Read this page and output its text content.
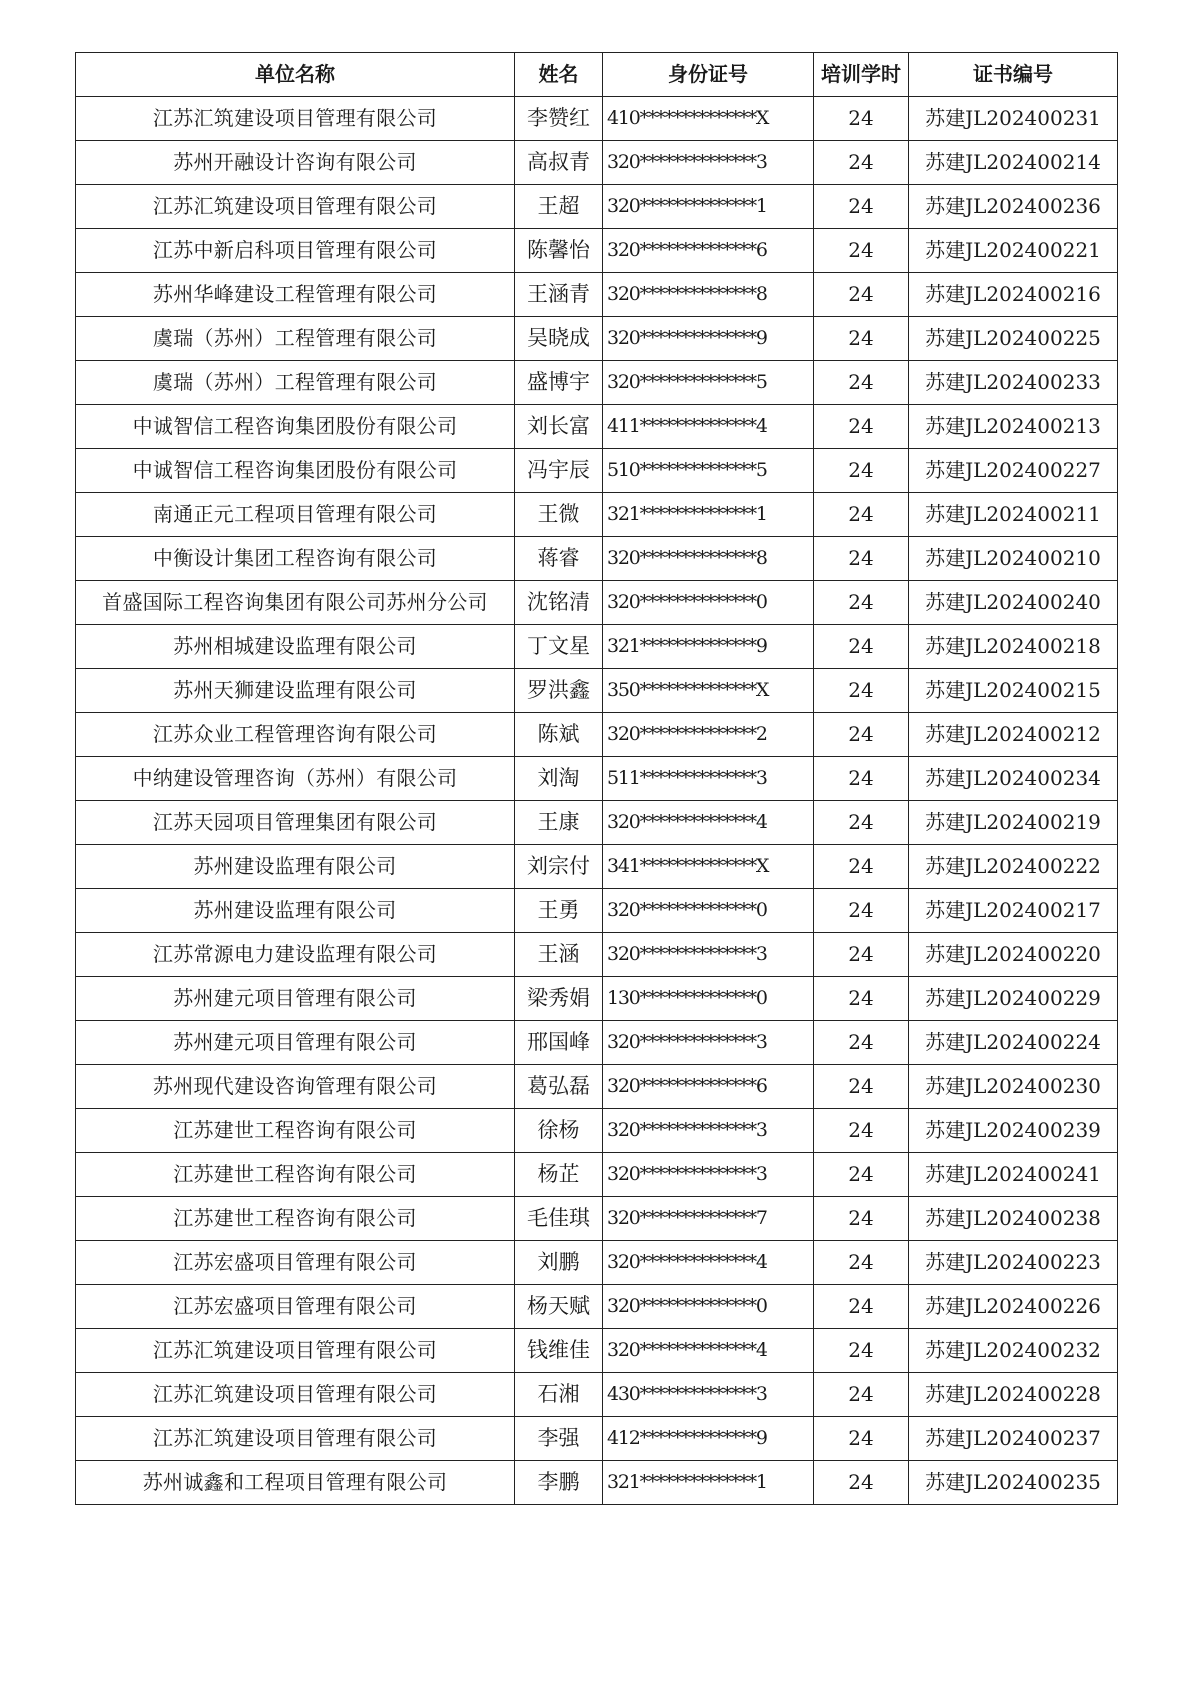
单位名称	姓名	身份证号	培训学时	证书编号
江苏汇筑建设项目管理有限公司	李赞红	410**************X	24	苏建JL202400231
苏州开融设计咨询有限公司	高叔青	320**************3	24	苏建JL202400214
江苏汇筑建设项目管理有限公司	王超	320**************1	24	苏建JL202400236
江苏中新启科项目管理有限公司	陈馨怡	320**************6	24	苏建JL202400221
苏州华峰建设工程管理有限公司	王涵青	320**************8	24	苏建JL202400216
虞瑞（苏州）工程管理有限公司	吴晓成	320**************9	24	苏建JL202400225
虞瑞（苏州）工程管理有限公司	盛博宇	320**************5	24	苏建JL202400233
中诚智信工程咨询集团股份有限公司	刘长富	411**************4	24	苏建JL202400213
中诚智信工程咨询集团股份有限公司	冯宇辰	510**************5	24	苏建JL202400227
南通正元工程项目管理有限公司	王微	321**************1	24	苏建JL202400211
中衡设计集团工程咨询有限公司	蒋睿	320**************8	24	苏建JL202400210
首盛国际工程咨询集团有限公司苏州分公司	沈铭清	320**************0	24	苏建JL202400240
苏州相城建设监理有限公司	丁文星	321**************9	24	苏建JL202400218
苏州天狮建设监理有限公司	罗洪鑫	350**************X	24	苏建JL202400215
江苏众业工程管理咨询有限公司	陈斌	320**************2	24	苏建JL202400212
中纳建设管理咨询（苏州）有限公司	刘淘	511**************3	24	苏建JL202400234
江苏天园项目管理集团有限公司	王康	320**************4	24	苏建JL202400219
苏州建设监理有限公司	刘宗付	341**************X	24	苏建JL202400222
苏州建设监理有限公司	王勇	320**************0	24	苏建JL202400217
江苏常源电力建设监理有限公司	王涵	320**************3	24	苏建JL202400220
苏州建元项目管理有限公司	梁秀娟	130**************0	24	苏建JL202400229
苏州建元项目管理有限公司	邢国峰	320**************3	24	苏建JL202400224
苏州现代建设咨询管理有限公司	葛弘磊	320**************6	24	苏建JL202400230
江苏建世工程咨询有限公司	徐杨	320**************3	24	苏建JL202400239
江苏建世工程咨询有限公司	杨芷	320**************3	24	苏建JL202400241
江苏建世工程咨询有限公司	毛佳琪	320**************7	24	苏建JL202400238
江苏宏盛项目管理有限公司	刘鹏	320**************4	24	苏建JL202400223
江苏宏盛项目管理有限公司	杨天赋	320**************0	24	苏建JL202400226
江苏汇筑建设项目管理有限公司	钱维佳	320**************4	24	苏建JL202400232
江苏汇筑建设项目管理有限公司	石湘	430**************3	24	苏建JL202400228
江苏汇筑建设项目管理有限公司	李强	412**************9	24	苏建JL202400237
苏州诚鑫和工程项目管理有限公司	李鹏	321**************1	24	苏建JL202400235
